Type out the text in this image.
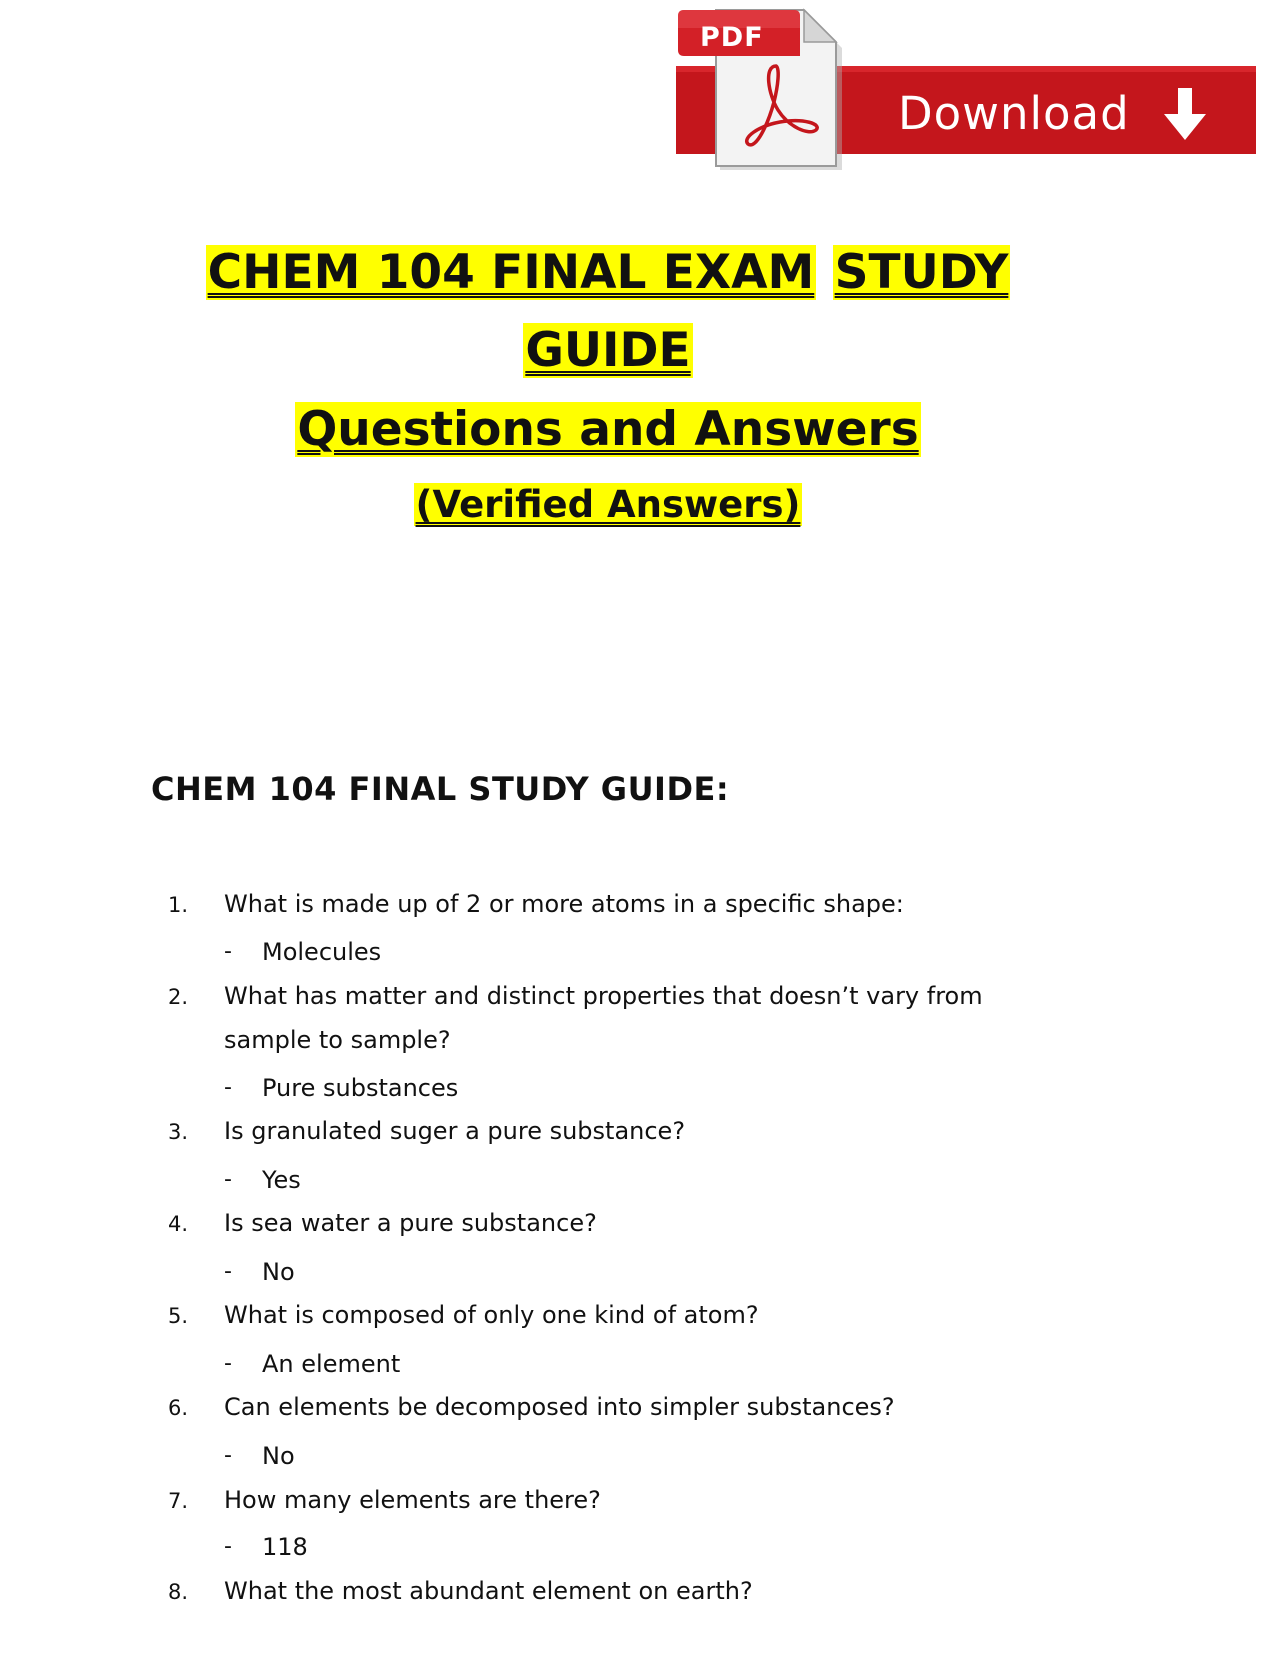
PDF
Download
CHEM 104 FINAL EXAM STUDY
GUIDE
Questions and Answers
(Verified Answers)
CHEM 104 FINAL STUDY GUIDE:
1. What is made up of 2 or more atoms in a specific shape:
- Molecules
2. What has matter and distinct properties that doesn’t vary from
sample to sample?
- Pure substances
3. Is granulated suger a pure substance?
- Yes
4. Is sea water a pure substance?
- No
5. What is composed of only one kind of atom?
- An element
6. Can elements be decomposed into simpler substances?
- No
7. How many elements are there?
- 118
8. What the most abundant element on earth?
